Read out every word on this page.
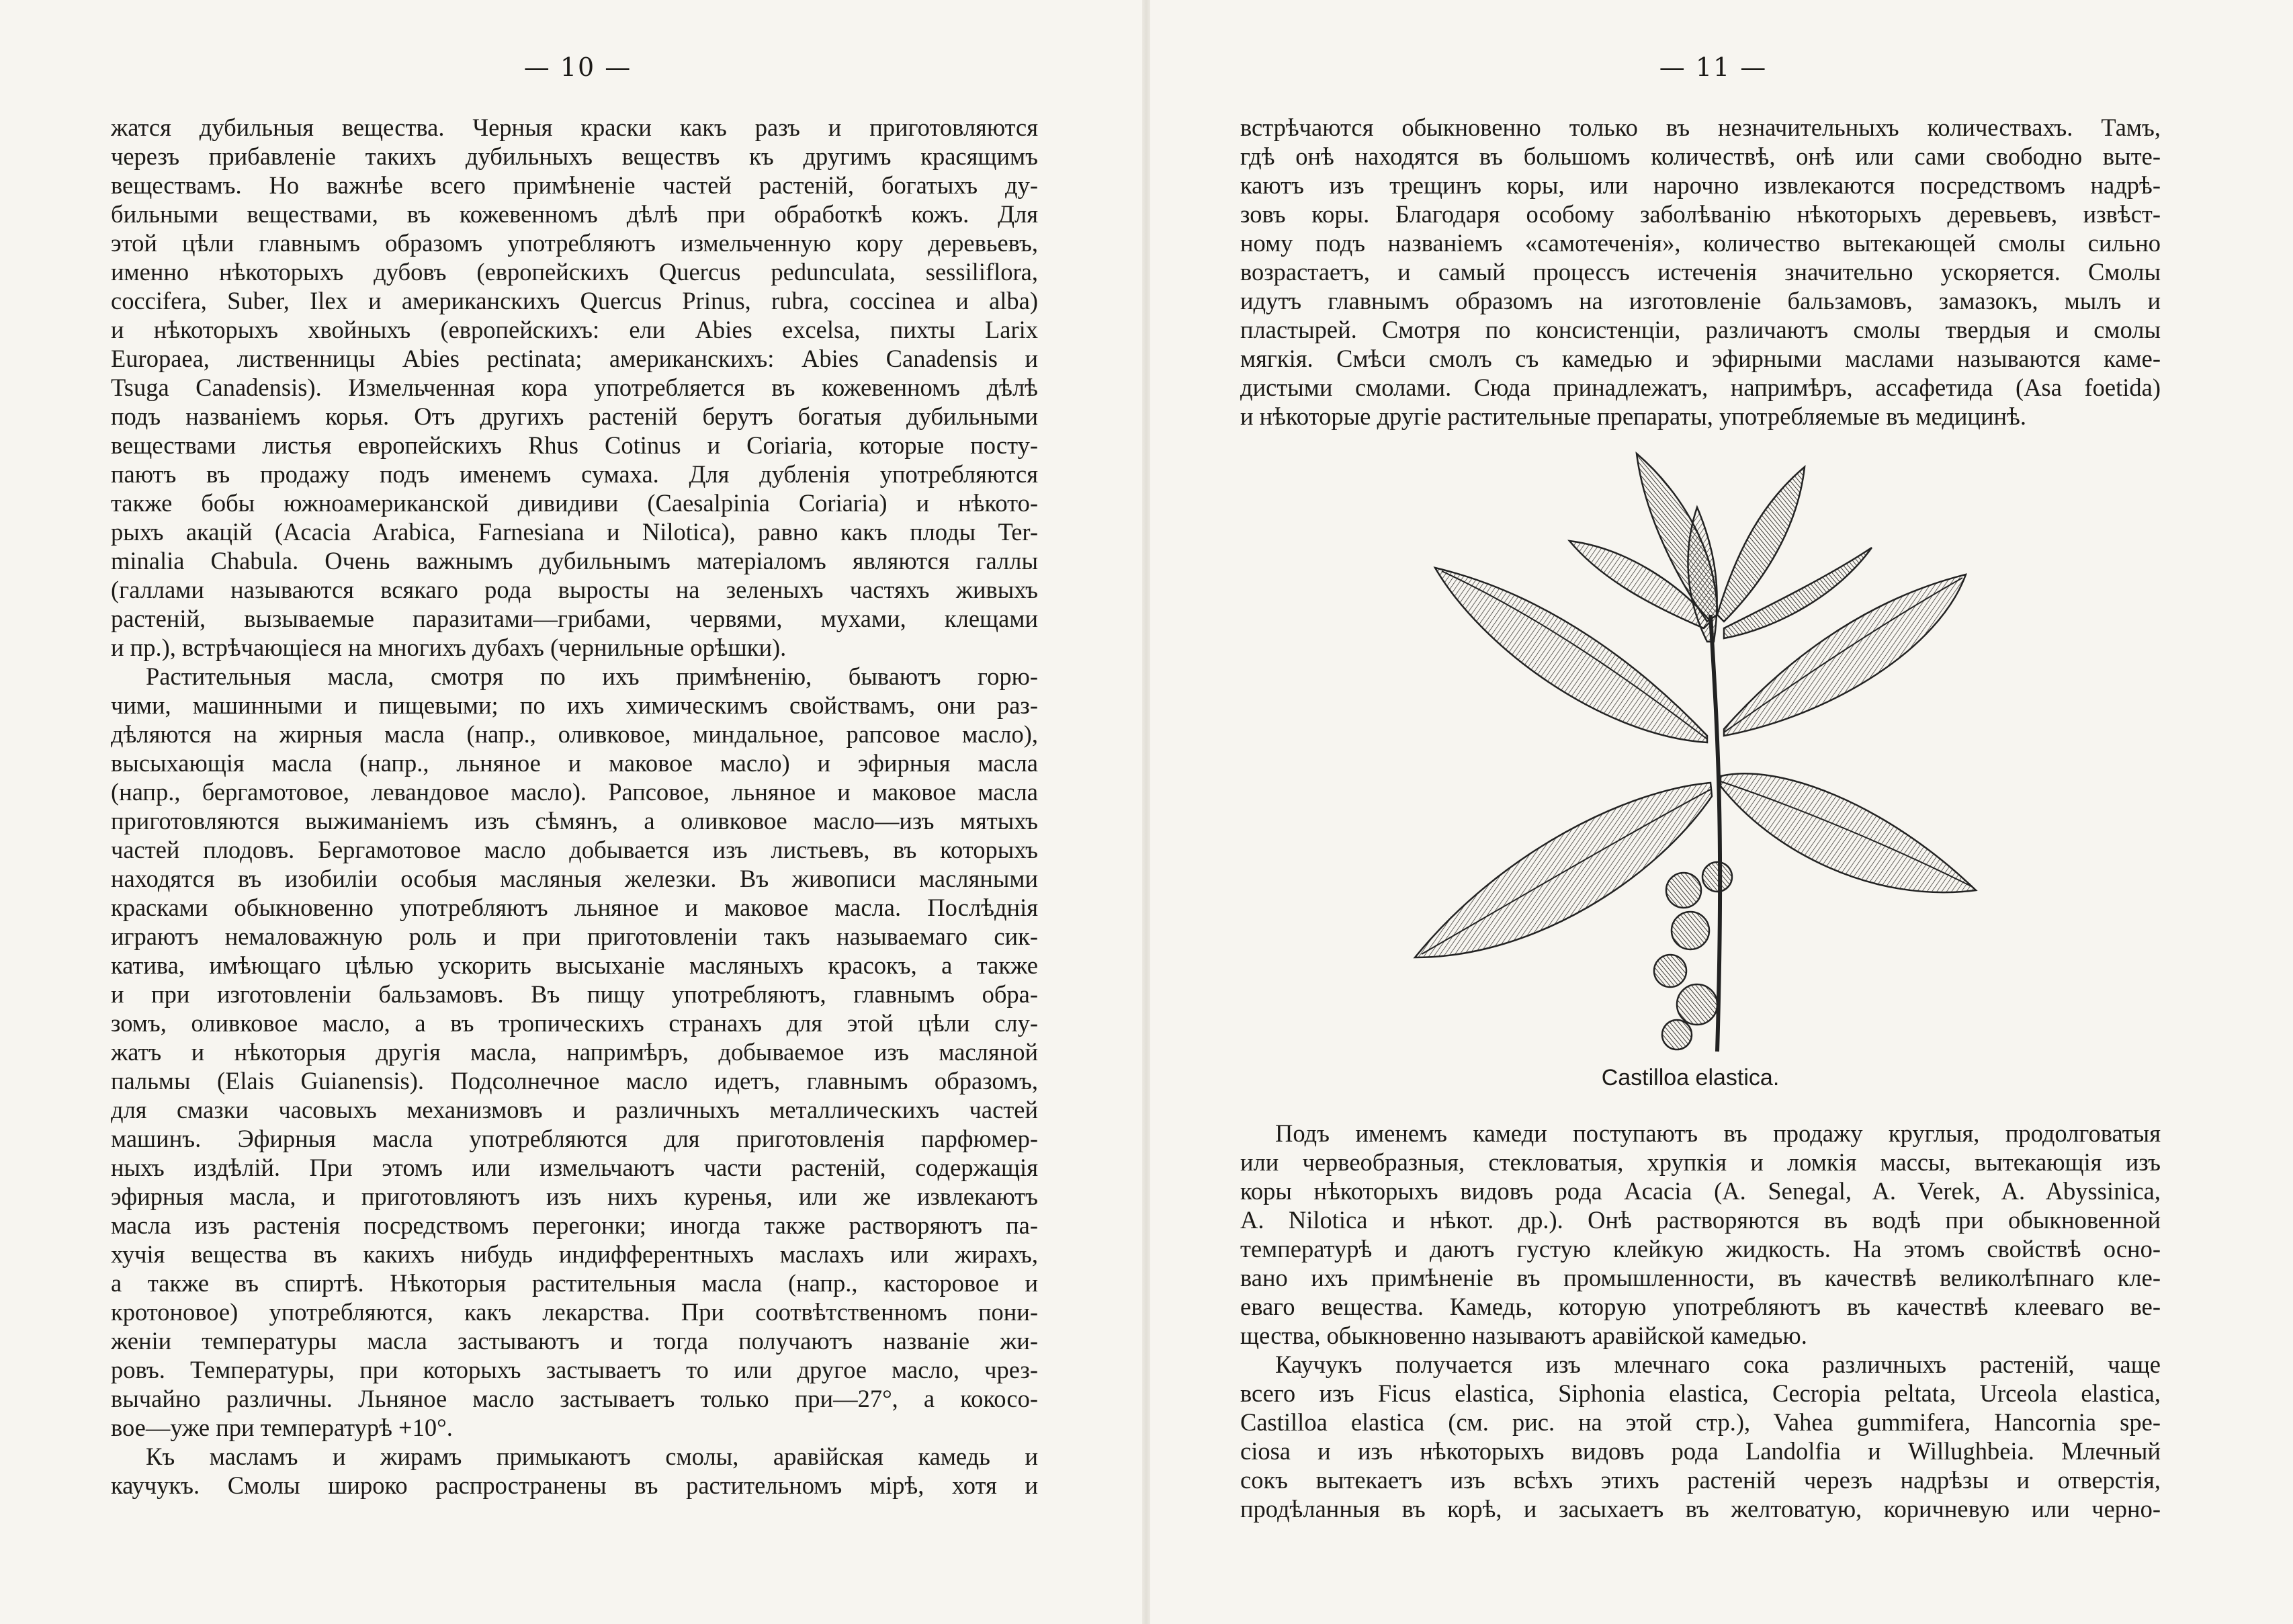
— 10 —
жатся дубильныя вещества. Черныя краски какъ разъ и приготовляются
черезъ прибавленіе такихъ дубильныхъ веществъ къ другимъ красящимъ
веществамъ. Но важнѣе всего примѣненіе частей растеній, богатыхъ ду-
бильными веществами, въ кожевенномъ дѣлѣ при обработкѣ кожъ. Для
этой цѣли главнымъ образомъ употребляютъ измельченную кору деревьевъ,
именно нѣкоторыхъ дубовъ (европейскихъ Quercus pedunculata, sessiliflora,
coccifera, Suber, Ilex и американскихъ Quercus Prinus, rubra, coccinea и alba)
и нѣкоторыхъ хвойныхъ (европейскихъ: ели Abies excelsa, пихты Larix
Europaea, лиственницы Abies pectinata; американскихъ: Abies Canadensis и
Tsuga Canadensis). Измельченная кора употребляется въ кожевенномъ дѣлѣ
подъ названіемъ корья. Отъ другихъ растеній берутъ богатыя дубильными
веществами листья европейскихъ Rhus Cotinus и Coriaria, которые посту-
паютъ въ продажу подъ именемъ сумаха. Для дубленія употребляются
также бобы южноамериканской дивидиви (Caesalpinia Coriaria) и нѣкото-
рыхъ акацій (Acacia Arabica, Farnesiana и Nilotica), равно какъ плоды Ter-
minalia Chabula. Очень важнымъ дубильнымъ матеріаломъ являются галлы
(галлами называются всякаго рода выросты на зеленыхъ частяхъ живыхъ
растеній, вызываемые паразитами—грибами, червями, мухами, клещами
и пр.), встрѣчающіеся на многихъ дубахъ (чернильные орѣшки).
Растительныя масла, смотря по ихъ примѣненію, бываютъ горю-
чими, машинными и пищевыми; по ихъ химическимъ свойствамъ, они раз-
дѣляются на жирныя масла (напр., оливковое, миндальное, рапсовое масло),
высыхающія масла (напр., льняное и маковое масло) и эфирныя масла
(напр., бергамотовое, левандовое масло). Рапсовое, льняное и маковое масла
приготовляются выжиманіемъ изъ сѣмянъ, а оливковое масло—изъ мятыхъ
частей плодовъ. Бергамотовое масло добывается изъ листьевъ, въ которыхъ
находятся въ изобиліи особыя масляныя железки. Въ живописи масляными
красками обыкновенно употребляютъ льняное и маковое масла. Послѣднія
играютъ немаловажную роль и при приготовленіи такъ называемаго сик-
катива, имѣющаго цѣлью ускорить высыханіе масляныхъ красокъ, а также
и при изготовленіи бальзамовъ. Въ пищу употребляютъ, главнымъ обра-
зомъ, оливковое масло, а въ тропическихъ странахъ для этой цѣли слу-
жатъ и нѣкоторыя другія масла, напримѣръ, добываемое изъ масляной
пальмы (Elais Guianensis). Подсолнечное масло идетъ, главнымъ образомъ,
для смазки часовыхъ механизмовъ и различныхъ металлическихъ частей
машинъ. Эфирныя масла употребляются для приготовленія парфюмер-
ныхъ издѣлій. При этомъ или измельчаютъ части растеній, содержащія
эфирныя масла, и приготовляютъ изъ нихъ куренья, или же извлекаютъ
масла изъ растенія посредствомъ перегонки; иногда также растворяютъ па-
хучія вещества въ какихъ нибудь индифферентныхъ маслахъ или жирахъ,
а также въ спиртѣ. Нѣкоторыя растительныя масла (напр., касторовое и
кротоновое) употребляются, какъ лекарства. При соотвѣтственномъ пони-
женіи температуры масла застываютъ и тогда получаютъ названіе жи-
ровъ. Температуры, при которыхъ застываетъ то или другое масло, чрез-
вычайно различны. Льняное масло застываетъ только при—27°, а кокосо-
вое—уже при температурѣ +10°.
Къ масламъ и жирамъ примыкаютъ смолы, аравійская камедь и
каучукъ. Смолы широко распространены въ растительномъ мірѣ, хотя и
— 11 —
встрѣчаются обыкновенно только въ незначительныхъ количествахъ. Тамъ,
гдѣ онѣ находятся въ большомъ количествѣ, онѣ или сами свободно выте-
каютъ изъ трещинъ коры, или нарочно извлекаются посредствомъ надрѣ-
зовъ коры. Благодаря особому заболѣванію нѣкоторыхъ деревьевъ, извѣст-
ному подъ названіемъ «самотеченія», количество вытекающей смолы сильно
возрастаетъ, и самый процессъ истеченія значительно ускоряется. Смолы
идутъ главнымъ образомъ на изготовленіе бальзамовъ, замазокъ, мылъ и
пластырей. Смотря по консистенціи, различаютъ смолы твердыя и смолы
мягкія. Смѣси смолъ съ камедью и эфирными маслами называются каме-
дистыми смолами. Сюда принадлежатъ, напримѣръ, ассафетида (Asa foetida)
и нѣкоторые другіе растительные препараты, употребляемые въ медицинѣ.
Castilloa elastica.
Подъ именемъ камеди поступаютъ въ продажу круглыя, продолговатыя
или червеобразныя, стекловатыя, хрупкія и ломкія массы, вытекающія изъ
коры нѣкоторыхъ видовъ рода Acacia (A. Senegal, A. Verek, A. Abyssinica,
A. Nilotica и нѣкот. др.). Онѣ растворяются въ водѣ при обыкновенной
температурѣ и даютъ густую клейкую жидкость. На этомъ свойствѣ осно-
вано ихъ примѣненіе въ промышленности, въ качествѣ великолѣпнаго кле-
еваго вещества. Камедь, которую употребляютъ въ качествѣ клееваго ве-
щества, обыкновенно называютъ аравійской камедью.
Каучукъ получается изъ млечнаго сока различныхъ растеній, чаще
всего изъ Ficus elastica, Siphonia elastica, Cecropia peltata, Urceola elastica,
Castilloa elastica (см. рис. на этой стр.), Vahea gummifera, Hancornia spe-
ciosa и изъ нѣкоторыхъ видовъ рода Landolfia и Willughbeia. Млечный
сокъ вытекаетъ изъ всѣхъ этихъ растеній черезъ надрѣзы и отверстія,
продѣланныя въ корѣ, и засыхаетъ въ желтоватую, коричневую или черно-
